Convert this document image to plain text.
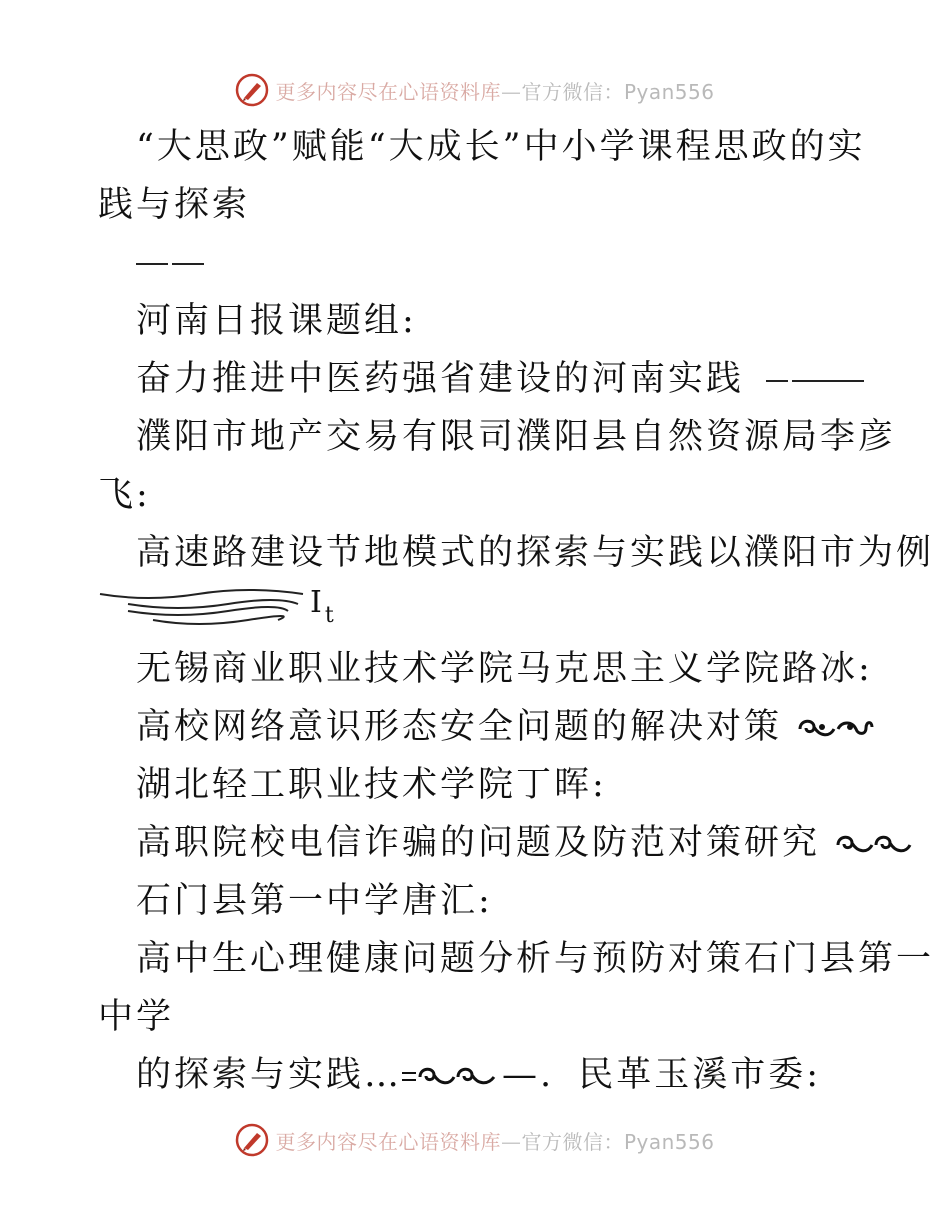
更多内容尽在心语资料库—官方微信：Pyan556
“大思政”赋能“大成长”中小学课程思政的实
践与探索
河南日报课题组:
奋力推进中医药强省建设的河南实践
濮阳市地产交易有限司濮阳县自然资源局李彦
飞:
高速路建设节地模式的探索与实践以濮阳市为例
$I_t$
无锡商业职业技术学院马克思主义学院路冰:
高校网络意识形态安全问题的解决对策
湖北轻工职业技术学院丁晖:
高职院校电信诈骗的问题及防范对策研究
石门县第一中学唐汇:
高中生心理健康问题分析与预防对策石门县第一
中学
的探索与实践…	—. 民革玉溪市委:
更多内容尽在心语资料库—官方微信：Pyan556
